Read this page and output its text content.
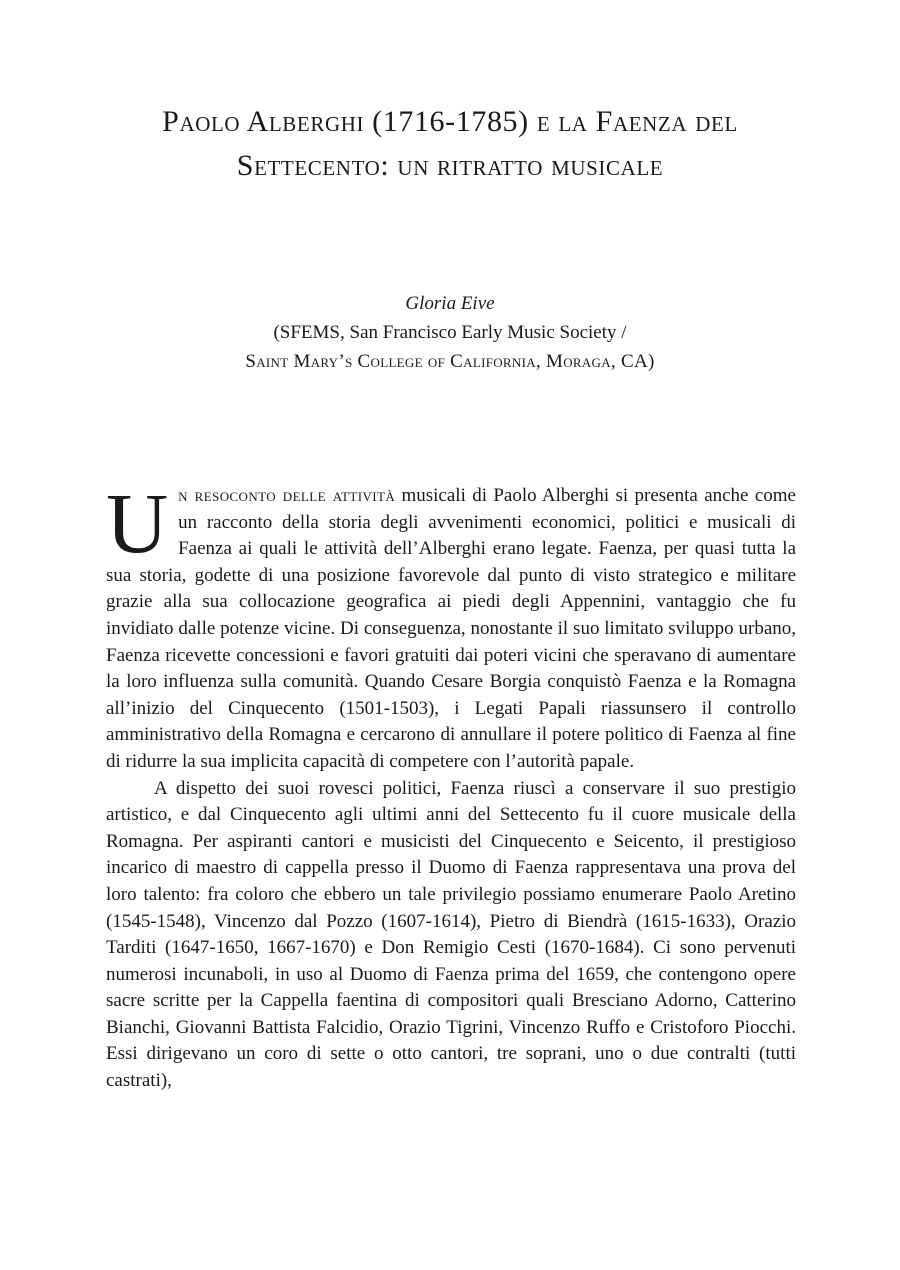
Paolo Alberghi (1716-1785) e la Faenza del
Settecento: un ritratto musicale
Gloria Eive
(SFEMS, San Francisco Early Music Society /
Saint Mary’s College of California, Moraga, CA)

Un resoconto delle attività musicali di Paolo Alberghi si presenta anche come un racconto della storia degli avvenimenti economici, politici e musicali di Faenza ai quali le attività dell’Alberghi erano legate. Faenza, per quasi tutta la sua storia, godette di una posizione favorevole dal punto di visto strategico e militare grazie alla sua collocazione geografica ai piedi degli Appennini, vantaggio che fu invidiato dalle potenze vicine. Di conseguenza, nonostante il suo limitato sviluppo urbano, Faenza ricevette concessioni e favori gratuiti dai poteri vicini che speravano di aumentare la loro influenza sulla comunità. Quando Cesare Borgia conquistò Faenza e la Romagna all’inizio del Cinquecento (1501-1503), i Legati Papali riassunsero il controllo amministrativo della Romagna e cercarono di annullare il potere politico di Faenza al fine di ridurre la sua implicita capacità di competere con l’autorità papale.

A dispetto dei suoi rovesci politici, Faenza riuscì a conservare il suo prestigio artistico, e dal Cinquecento agli ultimi anni del Settecento fu il cuore musicale della Romagna. Per aspiranti cantori e musicisti del Cinquecento e Seicento, il prestigioso incarico di maestro di cappella presso il Duomo di Faenza rappresentava una prova del loro talento: fra coloro che ebbero un tale privilegio possiamo enumerare Paolo Aretino (1545-1548), Vincenzo dal Pozzo (1607-1614), Pietro di Biendrà (1615-1633), Orazio Tarditi (1647-1650, 1667-1670) e Don Remigio Cesti (1670-1684). Ci sono pervenuti numerosi incunaboli, in uso al Duomo di Faenza prima del 1659, che contengono opere sacre scritte per la Cappella faentina di compositori quali Bresciano Adorno, Catterino Bianchi, Giovanni Battista Falcidio, Orazio Tigrini, Vincenzo Ruffo e Cristoforo Piocchi. Essi dirigevano un coro di sette o otto cantori, tre soprani, uno o due contralti (tutti castrati),
